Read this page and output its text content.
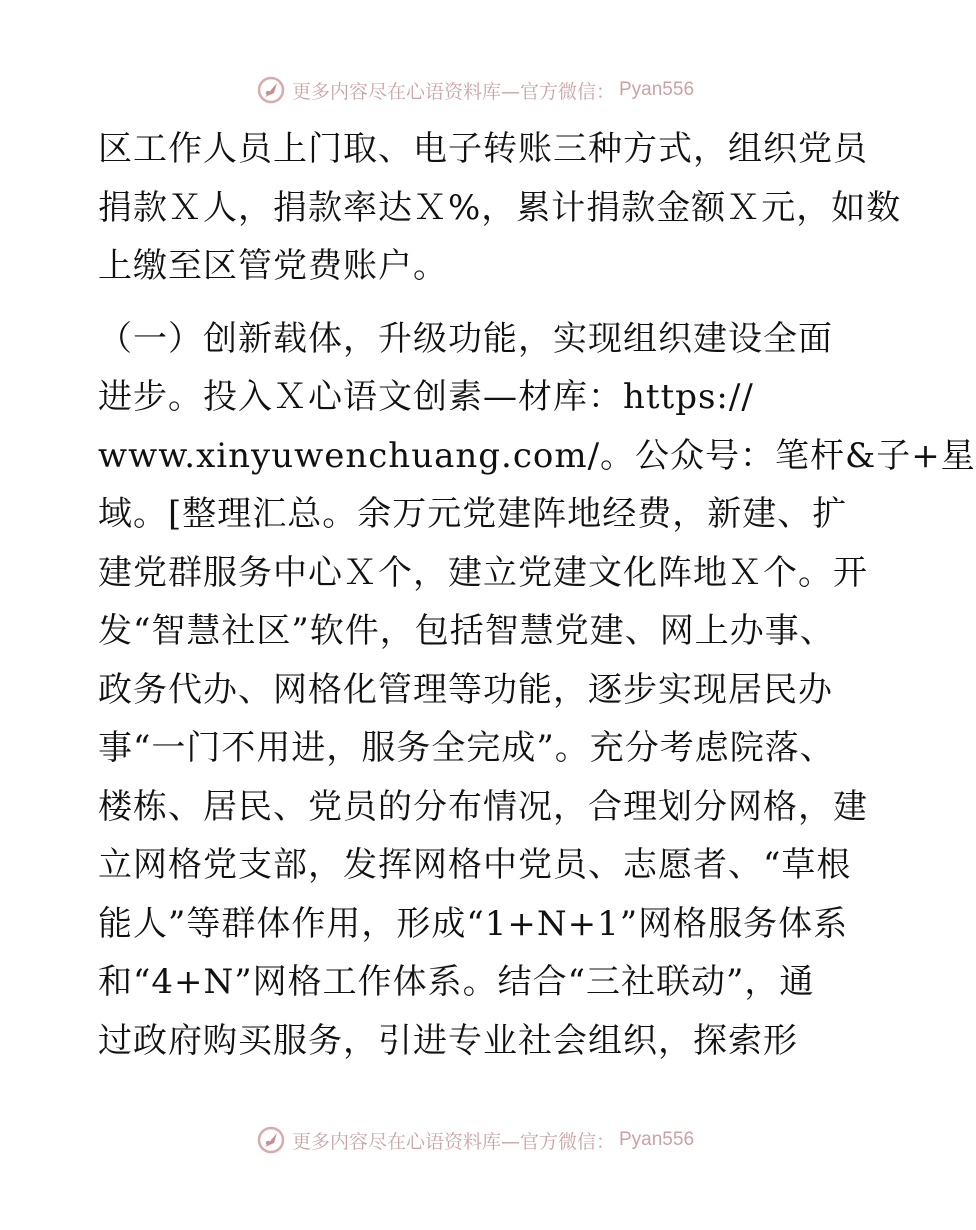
更多内容尽在心语资料库—官方微信： Pyan556
区工作人员上门取、电子转账三种方式，组织党员
捐款Ｘ人，捐款率达Ｘ%，累计捐款金额Ｘ元，如数
上缴至区管党费账户。
（一）创新载体，升级功能，实现组织建设全面
进步。投入Ｘ心语文创素—材库：https://
www.xinyuwenchuang.com/。公众号：笔杆&子+星
域。[整理汇总。余万元党建阵地经费，新建、扩
建党群服务中心Ｘ个，建立党建文化阵地Ｘ个。开
发“智慧社区”软件，包括智慧党建、网上办事、
政务代办、网格化管理等功能，逐步实现居民办
事“一门不用进，服务全完成”。充分考虑院落、
楼栋、居民、党员的分布情况，合理划分网格，建
立网格党支部，发挥网格中党员、志愿者、“草根
能人”等群体作用，形成“1+N+1”网格服务体系
和“4+N”网格工作体系。结合“三社联动”，通
过政府购买服务，引进专业社会组织，探索形
更多内容尽在心语资料库—官方微信： Pyan556
